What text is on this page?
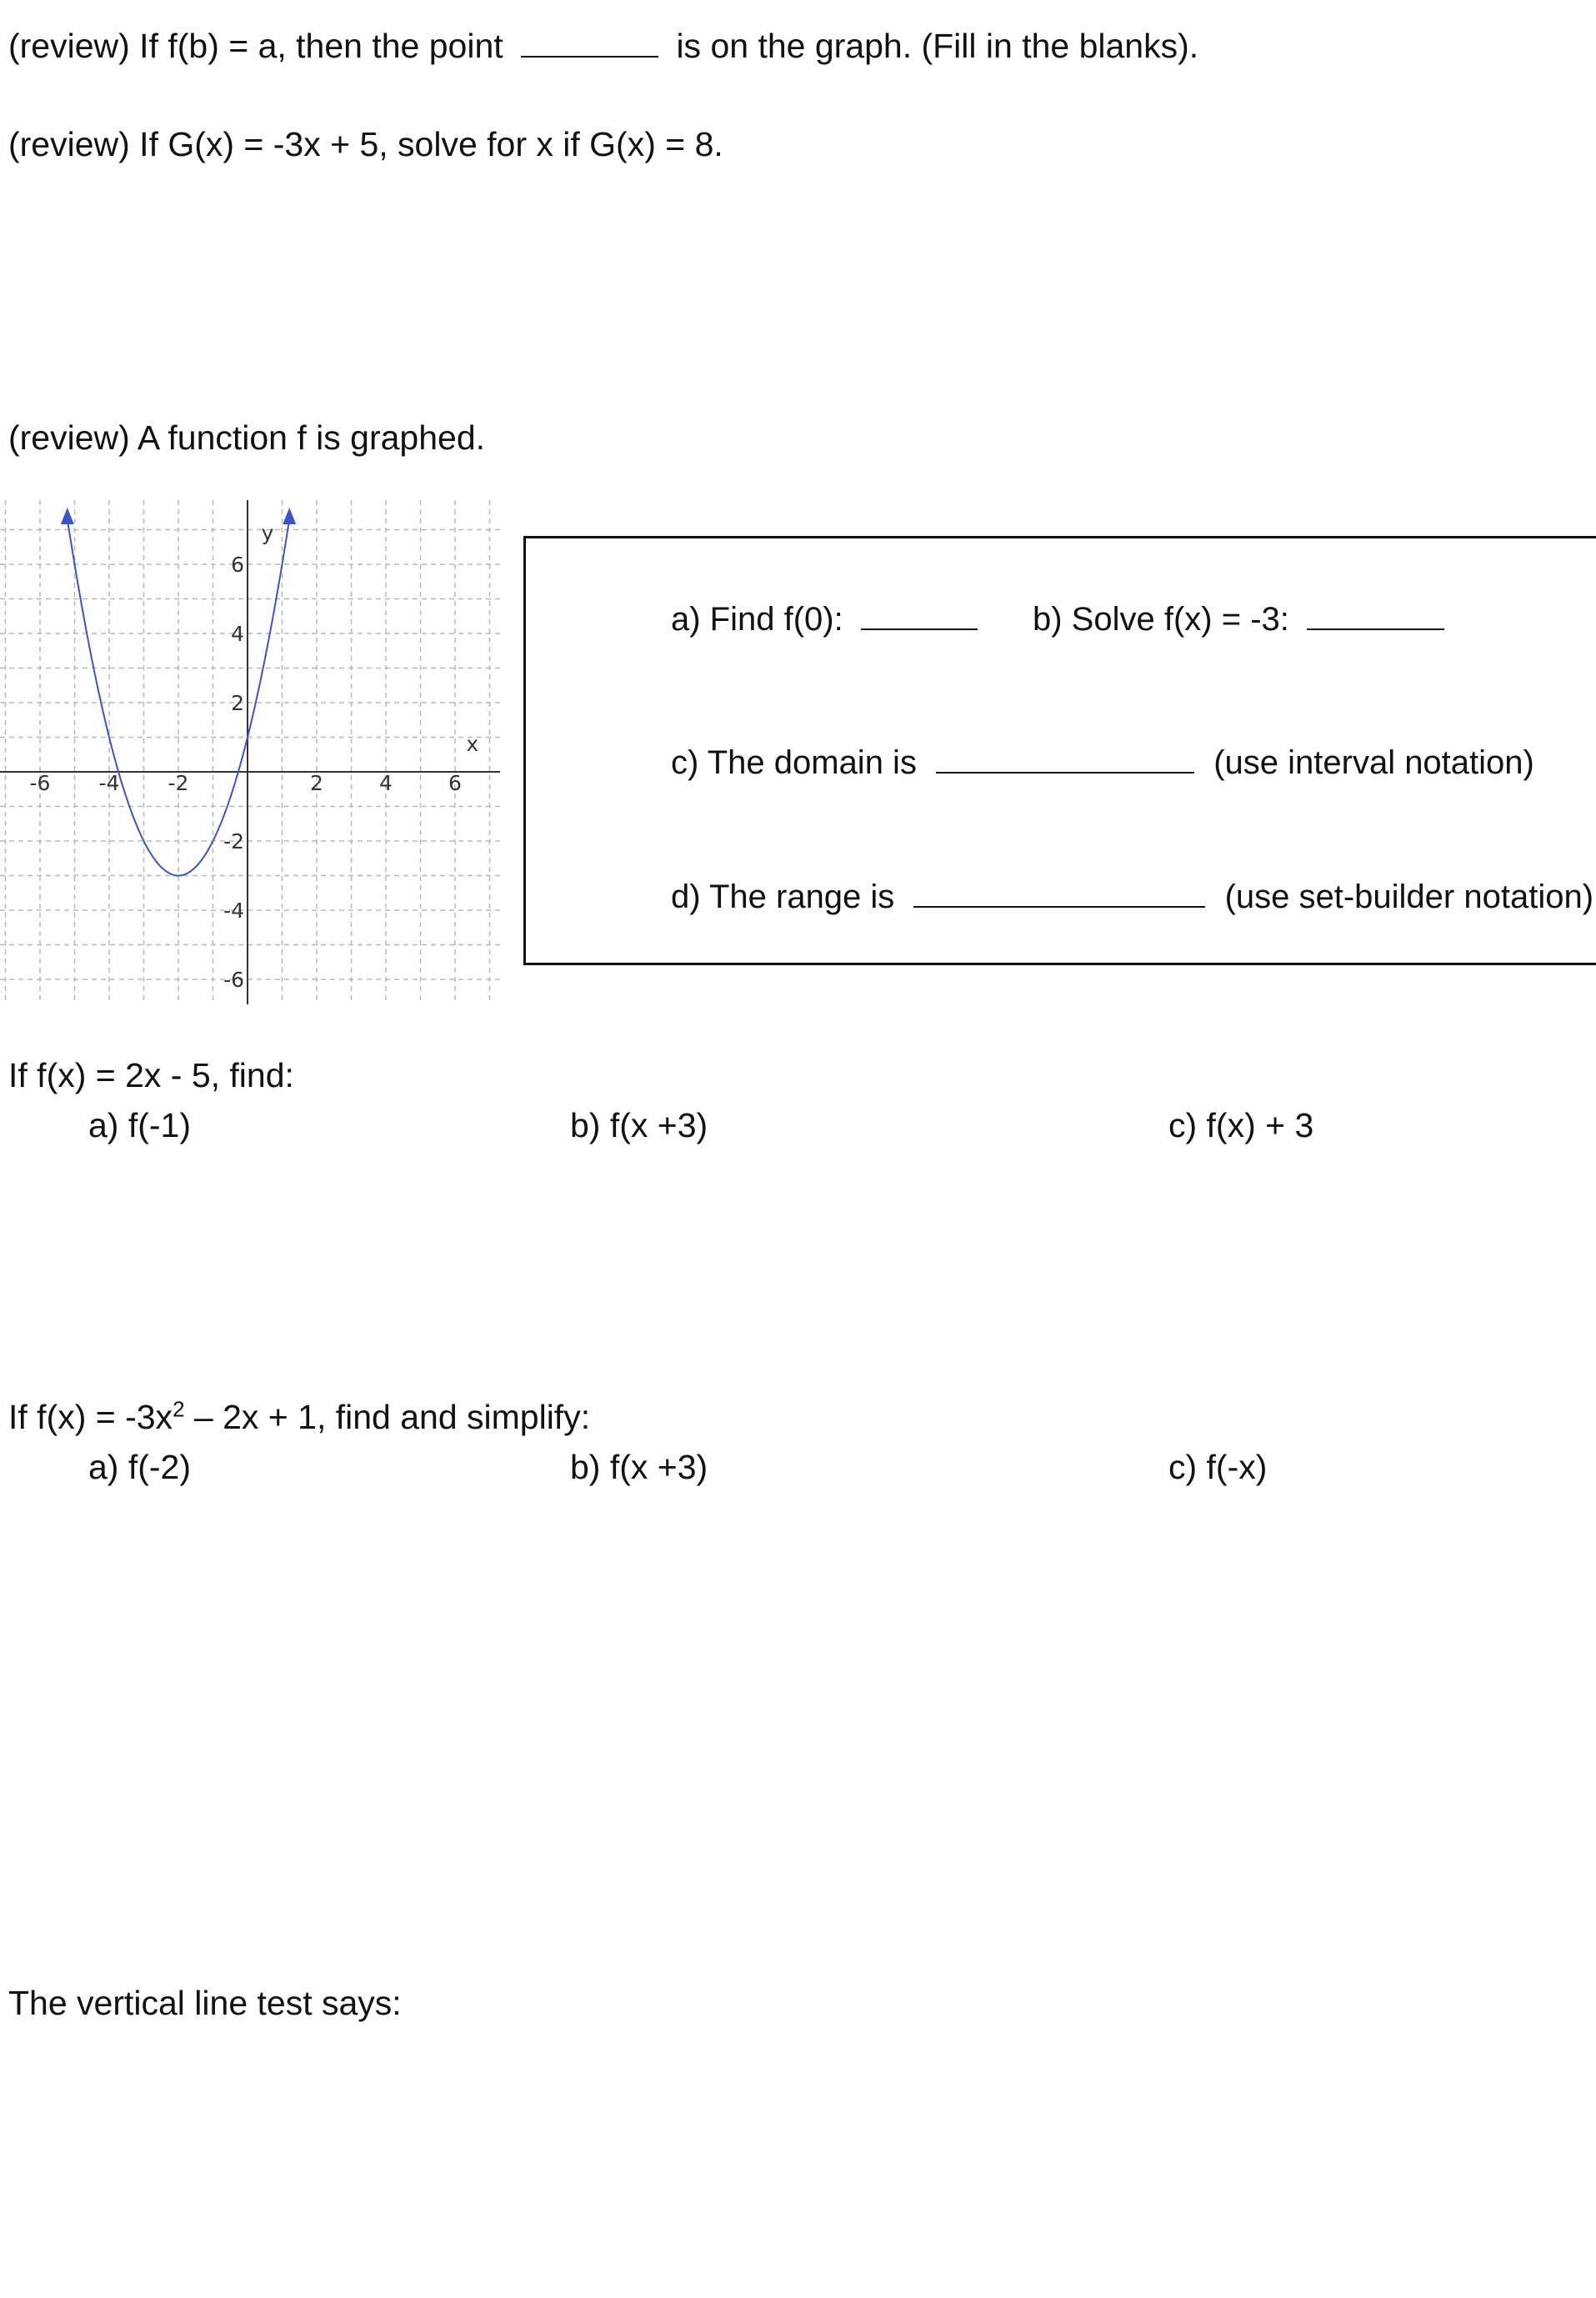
(review) If f(b) = a, then the point	is on the graph. (Fill in the blanks).
(review) If G(x) = -3x + 5, solve for x if G(x) = 8.
(review) A function f is graphed.
-6 -4 -2	2	4	6
6
4
2
-2
-4
-6
x
y
a) Find f(0):	b) Solve f(x) = -3:
c) The domain is	(use interval notation)
d) The range is	(use set-builder notation)
If f(x) = 2x - 5, find:
a) f(-1)	b) f(x +3)	c) f(x) + 3
If $f(x) = -3x^2 - 2x + 1$, find and simplify:
a) f(-2)	b) f(x +3)	c) f(-x)
The vertical line test says:
